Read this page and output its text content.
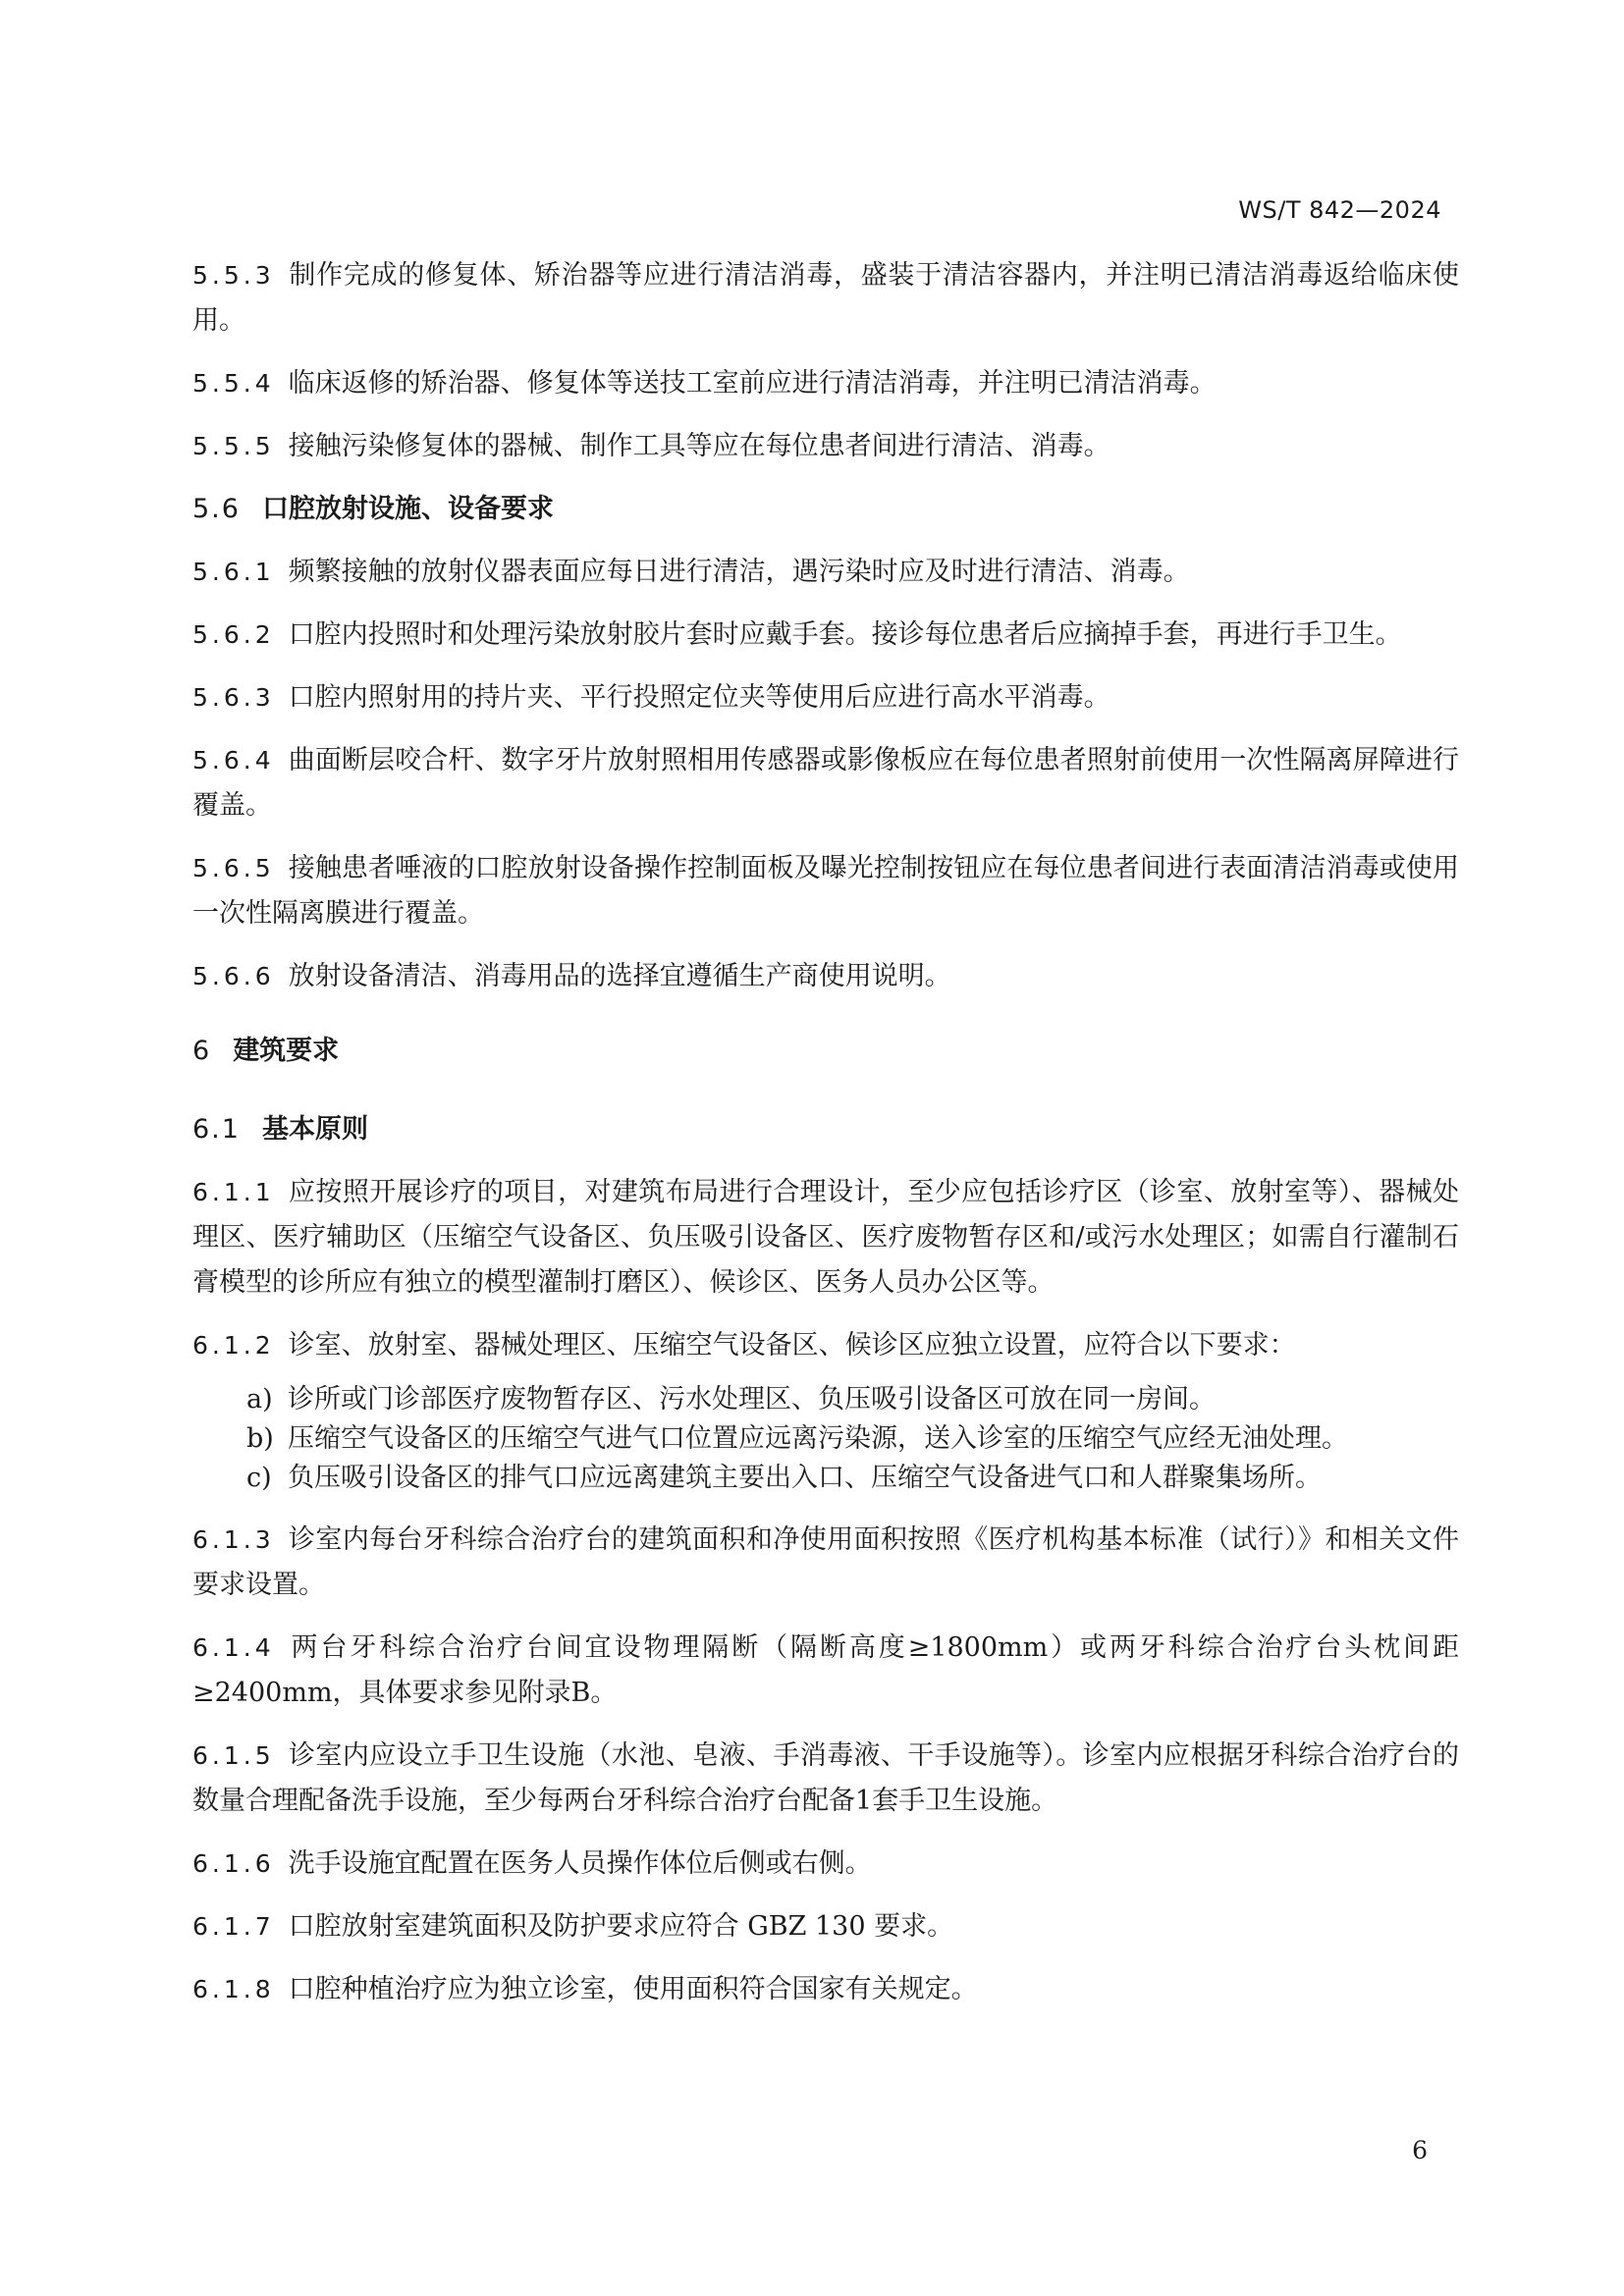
WS/T 842—2024

5.5.3 制作完成的修复体、矫治器等应进行清洁消毒，盛装于清洁容器内，并注明已清洁消毒返给临床使用。

5.5.4 临床返修的矫治器、修复体等送技工室前应进行清洁消毒，并注明已清洁消毒。

5.5.5 接触污染修复体的器械、制作工具等应在每位患者间进行清洁、消毒。

5.6 口腔放射设施、设备要求

5.6.1 频繁接触的放射仪器表面应每日进行清洁，遇污染时应及时进行清洁、消毒。

5.6.2 口腔内投照时和处理污染放射胶片套时应戴手套。接诊每位患者后应摘掉手套，再进行手卫生。

5.6.3 口腔内照射用的持片夹、平行投照定位夹等使用后应进行高水平消毒。

5.6.4 曲面断层咬合杆、数字牙片放射照相用传感器或影像板应在每位患者照射前使用一次性隔离屏障进行覆盖。

5.6.5 接触患者唾液的口腔放射设备操作控制面板及曝光控制按钮应在每位患者间进行表面清洁消毒或使用一次性隔离膜进行覆盖。

5.6.6 放射设备清洁、消毒用品的选择宜遵循生产商使用说明。

6 建筑要求
6.1 基本原则

6.1.1 应按照开展诊疗的项目，对建筑布局进行合理设计，至少应包括诊疗区（诊室、放射室等）、器械处理区、医疗辅助区（压缩空气设备区、负压吸引设备区、医疗废物暂存区和/或污水处理区；如需自行灌制石膏模型的诊所应有独立的模型灌制打磨区）、候诊区、医务人员办公区等。

6.1.2 诊室、放射室、器械处理区、压缩空气设备区、候诊区应独立设置，应符合以下要求：

a) 诊所或门诊部医疗废物暂存区、污水处理区、负压吸引设备区可放在同一房间。
b) 压缩空气设备区的压缩空气进气口位置应远离污染源，送入诊室的压缩空气应经无油处理。
c) 负压吸引设备区的排气口应远离建筑主要出入口、压缩空气设备进气口和人群聚集场所。

6.1.3 诊室内每台牙科综合治疗台的建筑面积和净使用面积按照《医疗机构基本标准（试行）》和相关文件要求设置。

6.1.4 两台牙科综合治疗台间宜设物理隔断（隔断高度≥1800mm）或两牙科综合治疗台头枕间距≥2400mm，具体要求参见附录B。

6.1.5 诊室内应设立手卫生设施（水池、皂液、手消毒液、干手设施等）。诊室内应根据牙科综合治疗台的数量合理配备洗手设施，至少每两台牙科综合治疗台配备1套手卫生设施。

6.1.6 洗手设施宜配置在医务人员操作体位后侧或右侧。

6.1.7 口腔放射室建筑面积及防护要求应符合 GBZ 130 要求。

6.1.8 口腔种植治疗应为独立诊室，使用面积符合国家有关规定。

6
